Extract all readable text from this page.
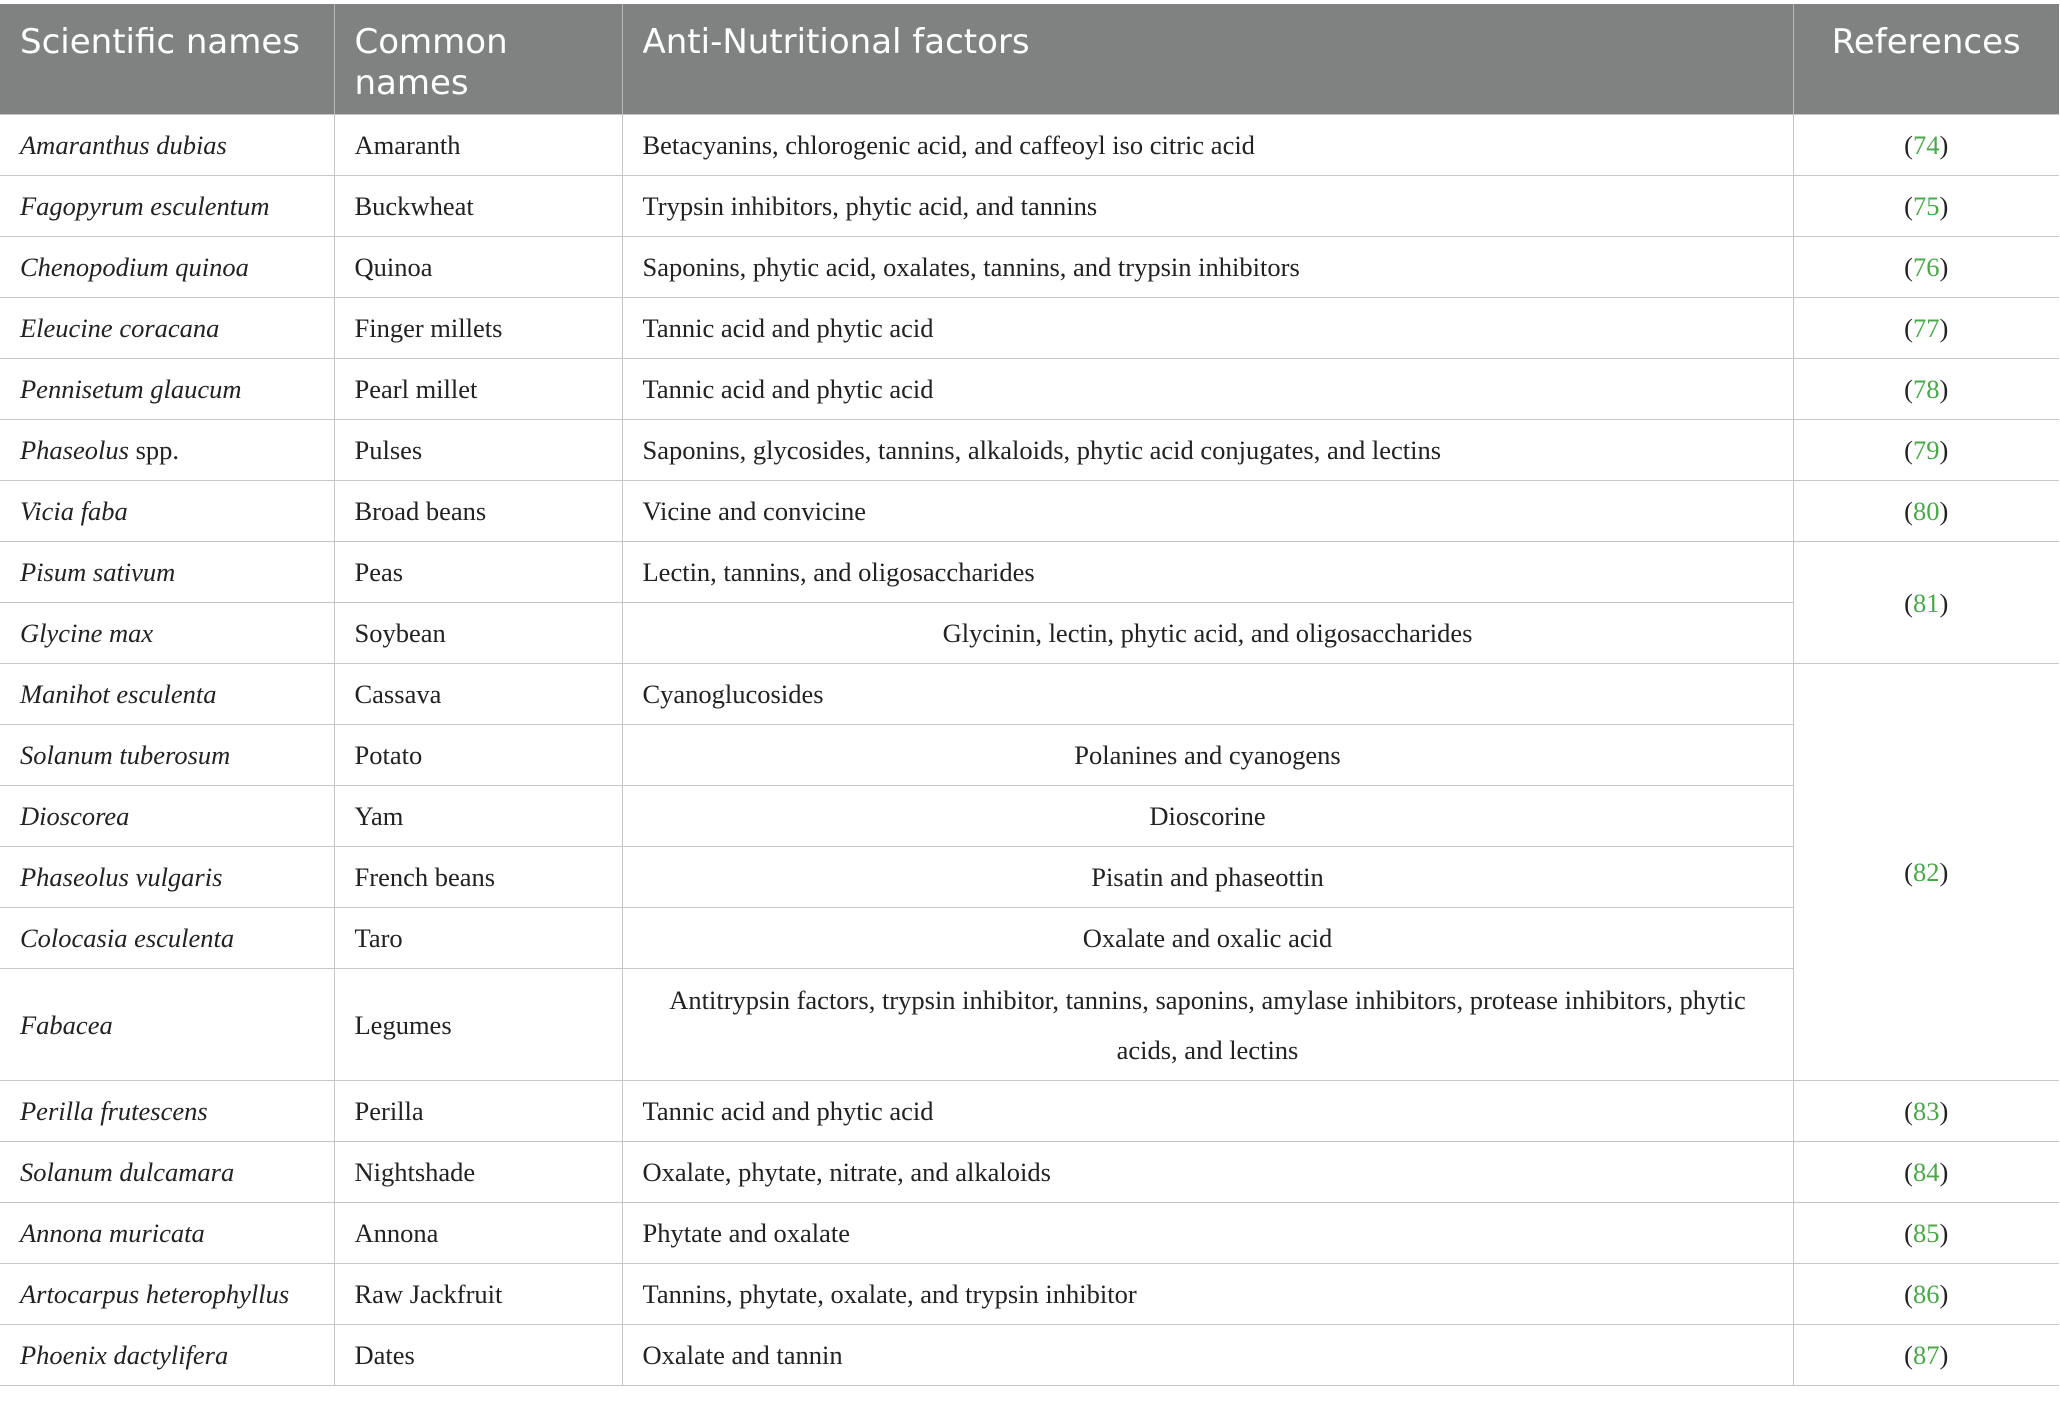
Scientific names	Common names	Anti-Nutritional factors	References
Amaranthus dubias	Amaranth	Betacyanins, chlorogenic acid, and caffeoyl iso citric acid	(74)
Fagopyrum esculentum	Buckwheat	Trypsin inhibitors, phytic acid, and tannins	(75)
Chenopodium quinoa	Quinoa	Saponins, phytic acid, oxalates, tannins, and trypsin inhibitors	(76)
Eleucine coracana	Finger millets	Tannic acid and phytic acid	(77)
Pennisetum glaucum	Pearl millet	Tannic acid and phytic acid	(78)
Phaseolus spp.	Pulses	Saponins, glycosides, tannins, alkaloids, phytic acid conjugates, and lectins	(79)
Vicia faba	Broad beans	Vicine and convicine	(80)
Pisum sativum	Peas	Lectin, tannins, and oligosaccharides	(81)
Glycine max	Soybean	Glycinin, lectin, phytic acid, and oligosaccharides	
Manihot esculenta	Cassava	Cyanoglucosides	(82)
Solanum tuberosum	Potato	Polanines and cyanogens	
Dioscorea	Yam	Dioscorine	
Phaseolus vulgaris	French beans	Pisatin and phaseottin	
Colocasia esculenta	Taro	Oxalate and oxalic acid	
Fabacea	Legumes	Antitrypsin factors, trypsin inhibitor, tannins, saponins, amylase inhibitors, protease inhibitors, phytic acids, and lectins	
Perilla frutescens	Perilla	Tannic acid and phytic acid	(83)
Solanum dulcamara	Nightshade	Oxalate, phytate, nitrate, and alkaloids	(84)
Annona muricata	Annona	Phytate and oxalate	(85)
Artocarpus heterophyllus	Raw Jackfruit	Tannins, phytate, oxalate, and trypsin inhibitor	(86)
Phoenix dactylifera	Dates	Oxalate and tannin	(87)
